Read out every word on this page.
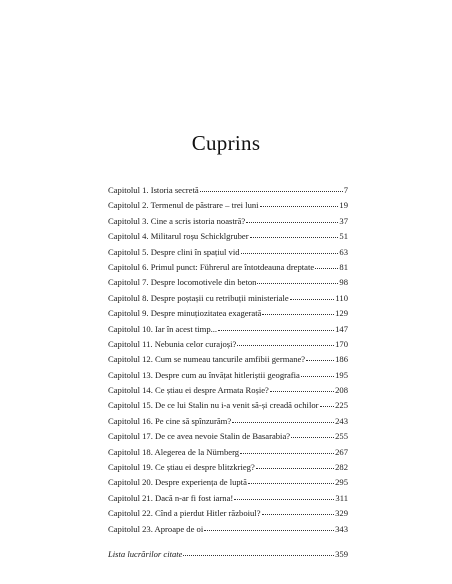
Cuprins
Capitolul 1. Istoria secretă	7
Capitolul 2. Termenul de păstrare – trei luni	19
Capitolul 3. Cine a scris istoria noastră?	37
Capitolul 4. Militarul roșu Schicklgruber	51
Capitolul 5. Despre clini în spațiul vid	63
Capitolul 6. Primul punct: Führerul are întotdeauna dreptate	81
Capitolul 7. Despre locomotivele din beton	98
Capitolul 8. Despre poștașii cu retribuții ministeriale	110
Capitolul 9. Despre minuțiozitatea exagerată	129
Capitolul 10. Iar în acest timp...	147
Capitolul 11. Nebunia celor curajoși?	170
Capitolul 12. Cum se numeau tancurile amfibii germane?	186
Capitolul 13. Despre cum au învățat hitleriștii geografia	195
Capitolul 14. Ce știau ei despre Armata Roșie?	208
Capitolul 15. De ce lui Stalin nu i-a venit să-și creadă ochilor 225
Capitolul 16. Pe cine să spînzurăm?	243
Capitolul 17. De ce avea nevoie Stalin de Basarabia?	255
Capitolul 18. Alegerea de la Nürnberg	267
Capitolul 19. Ce știau ei despre blitzkrieg?	282
Capitolul 20. Despre experiența de luptă	295
Capitolul 21. Dacă n-ar fi fost iarna!	311
Capitolul 22. Cînd a pierdut Hitler războiul?	329
Capitolul 23. Aproape de oi	343
Lista lucrărilor citate	359
